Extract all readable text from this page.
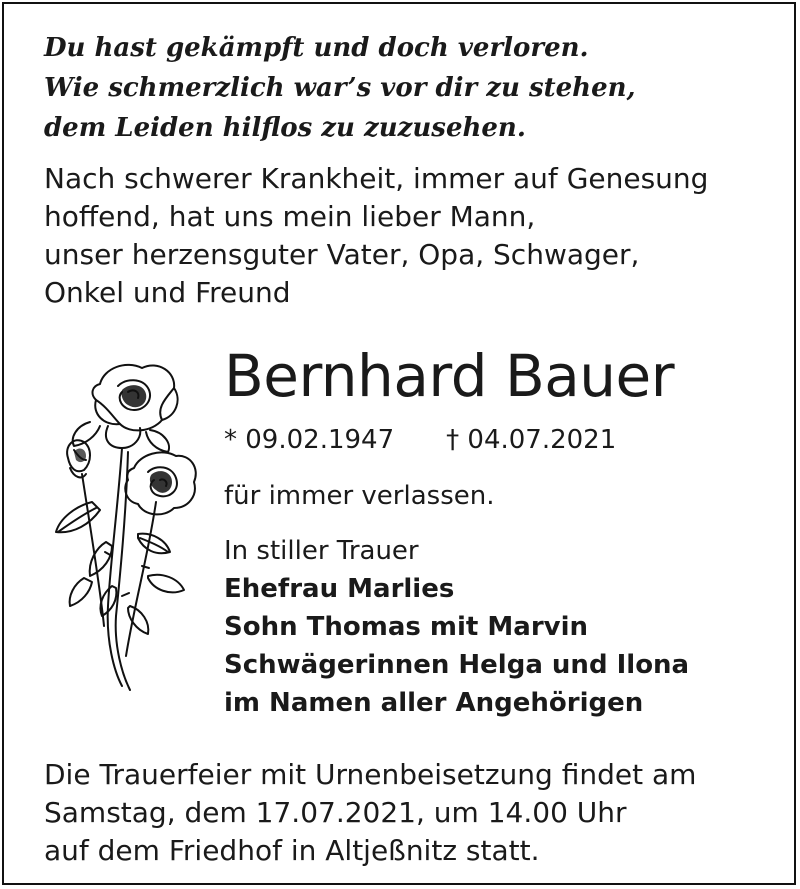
Du hast gekämpft und doch verloren.
Wie schmerzlich war’s vor dir zu stehen,
dem Leiden hilflos zu zuzusehen.
Nach schwerer Krankheit, immer auf Genesung
hoffend, hat uns mein lieber Mann,
unser herzensguter Vater, Opa, Schwager,
Onkel und Freund
Bernhard Bauer
* 09.02.1947 † 04.07.2021
für immer verlassen.
In stiller Trauer
Ehefrau Marlies
Sohn Thomas mit Marvin
Schwägerinnen Helga und Ilona
im Namen aller Angehörigen
Die Trauerfeier mit Urnenbeisetzung findet am
Samstag, dem 17.07.2021, um 14.00 Uhr
auf dem Friedhof in Altjeßnitz statt.
